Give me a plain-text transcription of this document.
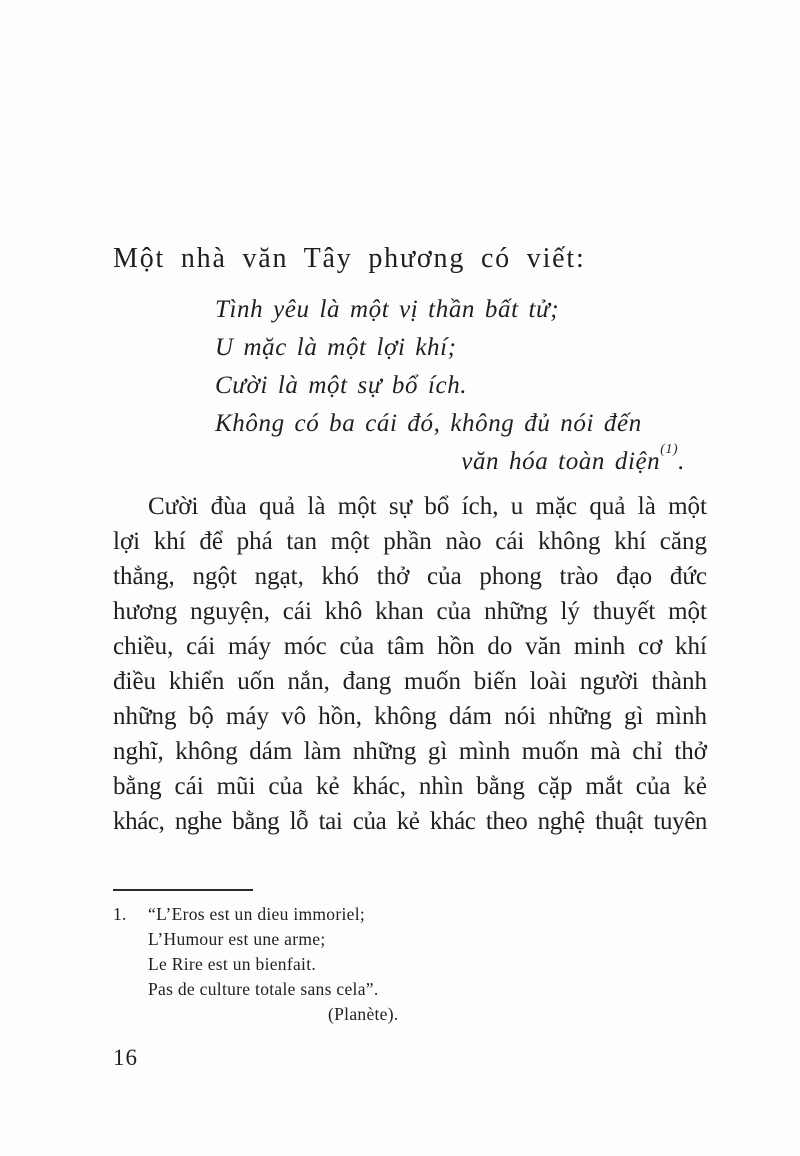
Một nhà văn Tây phương có viết:
Tình yêu là một vị thần bất tử;
U mặc là một lợi khí;
Cười là một sự bổ ích.
Không có ba cái đó, không đủ nói đến
văn hóa toàn diện$^{(1)}$.
Cười đùa quả là một sự bổ ích, u mặc quả là một
lợi khí để phá tan một phần nào cái không khí căng
thẳng, ngột ngạt, khó thở của phong trào đạo đức
hương nguyện, cái khô khan của những lý thuyết một
chiều, cái máy móc của tâm hồn do văn minh cơ khí
điều khiển uốn nắn, đang muốn biến loài người thành
những bộ máy vô hồn, không dám nói những gì mình
nghĩ, không dám làm những gì mình muốn mà chỉ thở
bằng cái mũi của kẻ khác, nhìn bằng cặp mắt của kẻ
khác, nghe bằng lỗ tai của kẻ khác theo nghệ thuật tuyên
1.	“L’Eros est un dieu immoriel;
L’Humour est une arme;
Le Rire est un bienfait.
Pas de culture totale sans cela”.
(Planète).
16
